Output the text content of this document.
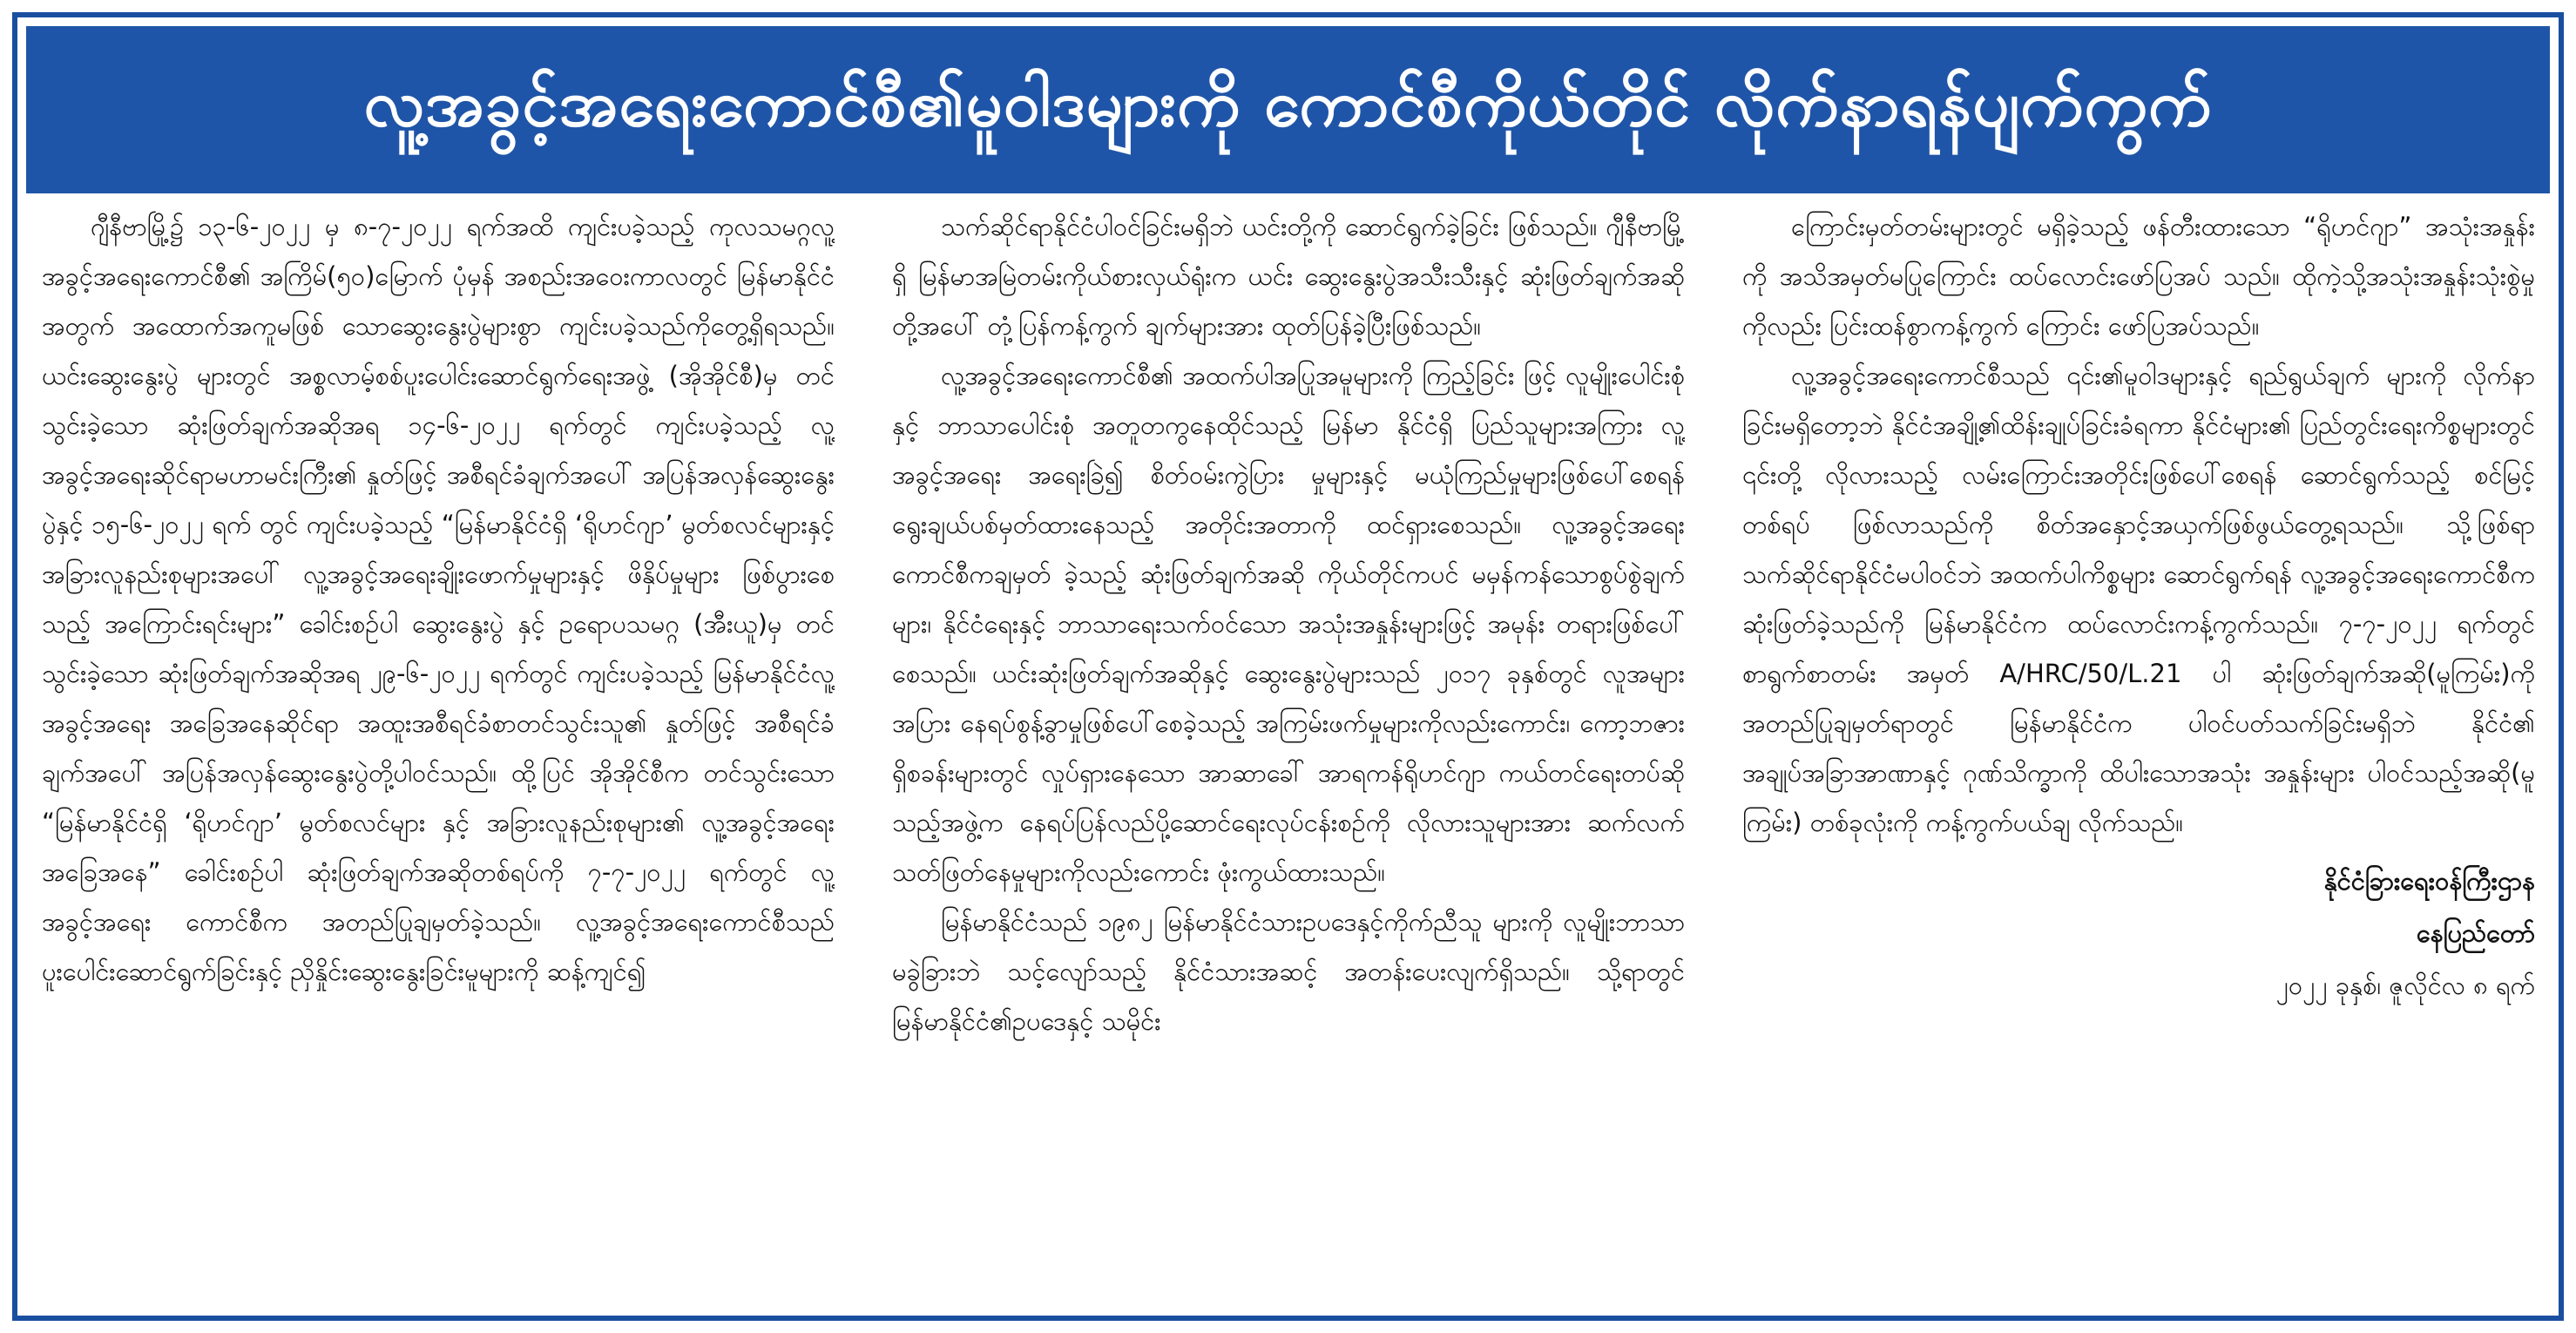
လူ့အခွင့်အရေးကောင်စီ၏မူဝါဒများကို ကောင်စီကိုယ်တိုင် လိုက်နာရန်ပျက်ကွက်

ဂျီနီဗာမြို့၌ ၁၃-၆-၂၀၂၂ မှ ၈-၇-၂၀၂၂ ရက်အထိ ကျင်းပခဲ့သည့် ကုလသမဂ္ဂလူ့အခွင့်အရေးကောင်စီ၏ အကြိမ်(၅၀)မြောက် ပုံမှန် အစည်းအဝေးကာလတွင် မြန်မာနိုင်ငံအတွက် အထောက်အကူမဖြစ် သောဆွေးနွေးပွဲများစွာ ကျင်းပခဲ့သည်ကိုတွေ့ရှိရသည်။ ယင်းဆွေးနွေးပွဲ များတွင် အစ္စလာမ့်စစ်ပူးပေါင်းဆောင်ရွက်ရေးအဖွဲ့ (အိုအိုင်စီ)မှ တင်သွင်းခဲ့သော ဆုံးဖြတ်ချက်အဆိုအရ ၁၄-၆-၂၀၂၂ ရက်တွင် ကျင်းပခဲ့သည့် လူ့အခွင့်အရေးဆိုင်ရာမဟာမင်းကြီး၏ နှုတ်ဖြင့် အစီရင်ခံချက်အပေါ် အပြန်အလှန်ဆွေးနွေးပွဲနှင့် ၁၅-၆-၂၀၂၂ ရက် တွင် ကျင်းပခဲ့သည့် “မြန်မာနိုင်ငံရှိ ‘ရိုဟင်ဂျာ’ မွတ်စလင်များနှင့် အခြားလူနည်းစုများအပေါ် လူ့အခွင့်အရေးချိုးဖောက်မှုများနှင့် ဖိနှိပ်မှုများ ဖြစ်ပွားစေသည့် အကြောင်းရင်းများ” ခေါင်းစဉ်ပါ ဆွေးနွေးပွဲ နှင့် ဥရောပသမဂ္ဂ (အီးယူ)မှ တင်သွင်းခဲ့သော ဆုံးဖြတ်ချက်အဆိုအရ ၂၉-၆-၂၀၂၂ ရက်တွင် ကျင်းပခဲ့သည့် မြန်မာနိုင်ငံလူ့အခွင့်အရေး အခြေအနေဆိုင်ရာ အထူးအစီရင်ခံစာတင်သွင်းသူ၏ နှုတ်ဖြင့် အစီရင်ခံချက်အပေါ် အပြန်အလှန်ဆွေးနွေးပွဲတို့ပါဝင်သည်။ ထို့ပြင် အိုအိုင်စီက တင်သွင်းသော “မြန်မာနိုင်ငံရှိ ‘ရိုဟင်ဂျာ’ မွတ်စလင်များ နှင့် အခြားလူနည်းစုများ၏ လူ့အခွင့်အရေးအခြေအနေ” ခေါင်းစဉ်ပါ ဆုံးဖြတ်ချက်အဆိုတစ်ရပ်ကို ၇-၇-၂၀၂၂ ရက်တွင် လူ့အခွင့်အရေး ကောင်စီက အတည်ပြုချမှတ်ခဲ့သည်။ လူ့အခွင့်အရေးကောင်စီသည် ပူးပေါင်းဆောင်ရွက်ခြင်းနှင့် ညှိနှိုင်းဆွေးနွေးခြင်းမူများကို ဆန့်ကျင်၍

သက်ဆိုင်ရာနိုင်ငံပါဝင်ခြင်းမရှိဘဲ ယင်းတို့ကို ဆောင်ရွက်ခဲ့ခြင်း ဖြစ်သည်။ ဂျီနီဗာမြို့ရှိ မြန်မာအမြဲတမ်းကိုယ်စားလှယ်ရုံးက ယင်း ဆွေးနွေးပွဲအသီးသီးနှင့် ဆုံးဖြတ်ချက်အဆိုတို့အပေါ် တုံ့ပြန်ကန့်ကွက် ချက်များအား ထုတ်ပြန်ခဲ့ပြီးဖြစ်သည်။

လူ့အခွင့်အရေးကောင်စီ၏ အထက်ပါအပြုအမူများကို ကြည့်ခြင်း ဖြင့် လူမျိုးပေါင်းစုံနှင့် ဘာသာပေါင်းစုံ အတူတကွနေထိုင်သည့် မြန်မာ နိုင်ငံရှိ ပြည်သူများအကြား လူ့အခွင့်အရေး အရေးခြဲ၍ စိတ်ဝမ်းကွဲပြား မှုများနှင့် မယုံကြည်မှုများဖြစ်ပေါ်စေရန် ရွေးချယ်ပစ်မှတ်ထားနေသည့် အတိုင်းအတာကို ထင်ရှားစေသည်။ လူ့အခွင့်အရေးကောင်စီကချမှတ် ခဲ့သည့် ဆုံးဖြတ်ချက်အဆို ကိုယ်တိုင်ကပင် မမှန်ကန်သောစွပ်စွဲချက်များ၊ နိုင်ငံရေးနှင့် ဘာသာရေးသက်ဝင်သော အသုံးအနှုန်းများဖြင့် အမုန်း တရားဖြစ်ပေါ်စေသည်။ ယင်းဆုံးဖြတ်ချက်အဆိုနှင့် ဆွေးနွေးပွဲများသည် ၂၀၁၇ ခုနှစ်တွင် လူအများအပြား နေရပ်စွန့်ခွာမှုဖြစ်ပေါ်စေခဲ့သည့် အကြမ်းဖက်မှုများကိုလည်းကောင်း၊ ကော့ဘဇားရှိစခန်းများတွင် လှုပ်ရှားနေသော အာဆာခေါ် အာရကန်ရိုဟင်ဂျာ ကယ်တင်ရေးတပ်ဆိုသည့်အဖွဲ့က နေရပ်ပြန်လည်ပို့ဆောင်ရေးလုပ်ငန်းစဉ်ကို လိုလားသူများအား ဆက်လက် သတ်ဖြတ်နေမှုများကိုလည်းကောင်း ဖုံးကွယ်ထားသည်။

မြန်မာနိုင်ငံသည် ၁၉၈၂ မြန်မာနိုင်ငံသားဥပဒေနှင့်ကိုက်ညီသူ များကို လူမျိုးဘာသာမခွဲခြားဘဲ သင့်လျော်သည့် နိုင်ငံသားအဆင့် အတန်းပေးလျက်ရှိသည်။ သို့ရာတွင် မြန်မာနိုင်ငံ၏ဥပဒေနှင့် သမိုင်း

ကြောင်းမှတ်တမ်းများတွင် မရှိခဲ့သည့် ဖန်တီးထားသော “ရိုဟင်ဂျာ” အသုံးအနှုန်းကို အသိအမှတ်မပြုကြောင်း ထပ်လောင်းဖော်ပြအပ် သည်။ ထိုကဲ့သို့အသုံးအနှုန်းသုံးစွဲမှုကိုလည်း ပြင်းထန်စွာကန့်ကွက် ကြောင်း ဖော်ပြအပ်သည်။

လူ့အခွင့်အရေးကောင်စီသည် ၎င်း၏မူဝါဒများနှင့် ရည်ရွယ်ချက် များကို လိုက်နာခြင်းမရှိတော့ဘဲ နိုင်ငံအချို့၏ထိန်းချုပ်ခြင်းခံရကာ နိုင်ငံများ၏ ပြည်တွင်းရေးကိစ္စများတွင် ၎င်းတို့ လိုလားသည့် လမ်းကြောင်းအတိုင်းဖြစ်ပေါ်စေရန် ဆောင်ရွက်သည့် စင်မြင့်တစ်ရပ် ဖြစ်လာသည်ကို စိတ်အနှောင့်အယှက်ဖြစ်ဖွယ်တွေ့ရသည်။ သို့ဖြစ်ရာ သက်ဆိုင်ရာနိုင်ငံမပါဝင်ဘဲ အထက်ပါကိစ္စများ ဆောင်ရွက်ရန် လူ့အခွင့်အရေးကောင်စီက ဆုံးဖြတ်ခဲ့သည်ကို မြန်မာနိုင်ငံက ထပ်လောင်းကန့်ကွက်သည်။ ၇-၇-၂၀၂၂ ရက်တွင် စာရွက်စာတမ်း အမှတ် A/HRC/50/L.21 ပါ ဆုံးဖြတ်ချက်အဆို(မူကြမ်း)ကို အတည်ပြုချမှတ်ရာတွင် မြန်မာနိုင်ငံက ပါဝင်ပတ်သက်ခြင်းမရှိဘဲ နိုင်ငံ၏ အချုပ်အခြာအာဏာနှင့် ဂုဏ်သိက္ခာကို ထိပါးသောအသုံး အနှုန်းများ ပါဝင်သည့်အဆို(မူကြမ်း) တစ်ခုလုံးကို ကန့်ကွက်ပယ်ချ လိုက်သည်။

နိုင်ငံခြားရေးဝန်ကြီးဌာန
နေပြည်တော်
၂၀၂၂ ခုနှစ်၊ ဇူလိုင်လ ၈ ရက်
